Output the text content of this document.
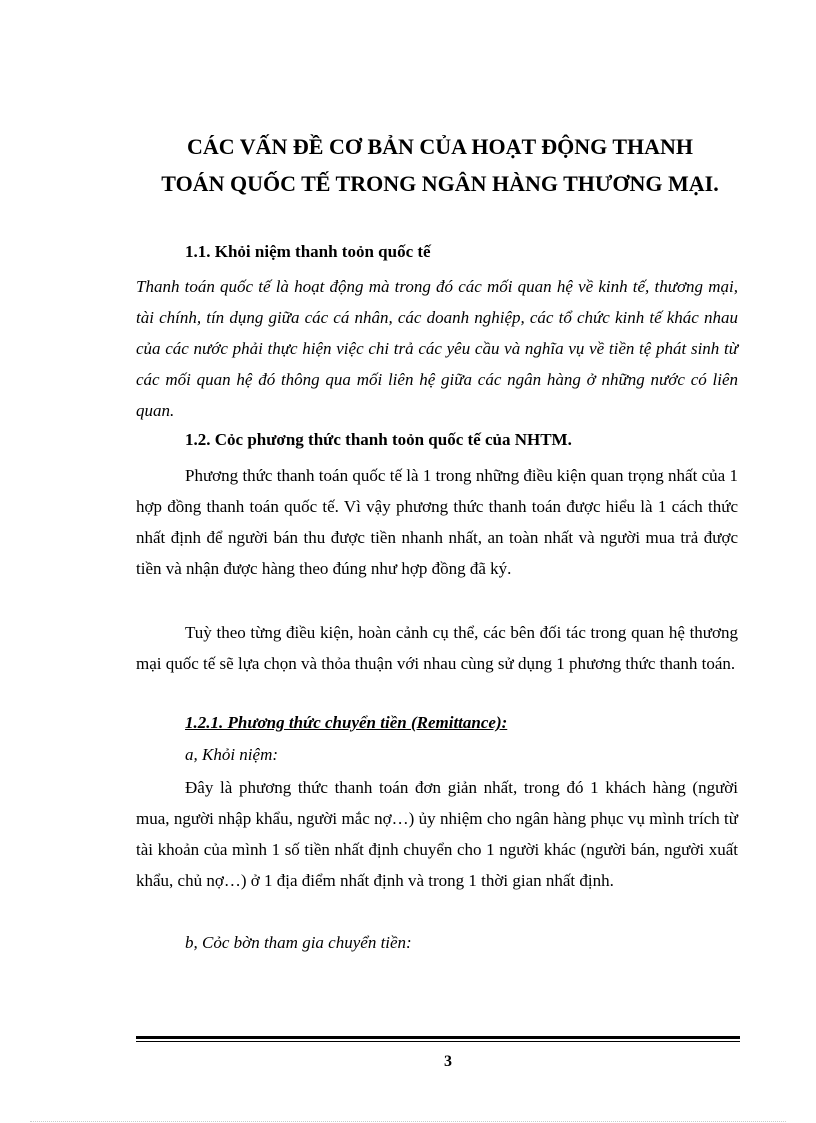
CÁC VẤN ĐỀ CƠ BẢN CỦA HOẠT ĐỘNG THANH
TOÁN QUỐC TẾ TRONG NGÂN HÀNG THƯƠNG MẠI.
1.1. Khỏi niệm thanh toỏn quốc tế
Thanh toán quốc tế là hoạt động mà trong đó các mối quan hệ về kinh tế, thương mại, tài chính, tín dụng giữa các cá nhân, các doanh nghiệp, các tổ chức kinh tế khác nhau của các nước phải thực hiện việc chi trả các yêu cầu và nghĩa vụ về tiền tệ phát sinh từ các mối quan hệ đó thông qua mối liên hệ giữa các ngân hàng ở những nước có liên quan.
1.2. Cỏc phương thức thanh toỏn quốc tế của NHTM.
Phương thức thanh toán quốc tế là 1 trong những điều kiện quan trọng nhất của 1 hợp đồng thanh toán quốc tế. Vì vậy phương thức thanh toán được hiểu là 1 cách thức nhất định để người bán thu được tiền nhanh nhất, an toàn nhất và người mua trả được tiền và nhận được hàng theo đúng như hợp đồng đã ký.
Tuỳ theo từng điều kiện, hoàn cảnh cụ thể, các bên đối tác trong quan hệ thương mại quốc tế sẽ lựa chọn và thỏa thuận với nhau cùng sử dụng 1 phương thức thanh toán.
1.2.1. Phương thức chuyển tiền (Remittance):
a, Khỏi niệm:
Đây là phương thức thanh toán đơn giản nhất, trong đó 1 khách hàng (người mua, người nhập khẩu, người mắc nợ…) ủy nhiệm cho ngân hàng phục vụ mình trích từ tài khoản của mình 1 số tiền nhất định chuyển cho 1 người khác (người bán, người xuất khẩu, chủ nợ…) ở 1 địa điểm nhất định và trong 1 thời gian nhất định.
b, Cỏc bờn tham gia chuyển tiền:
3
